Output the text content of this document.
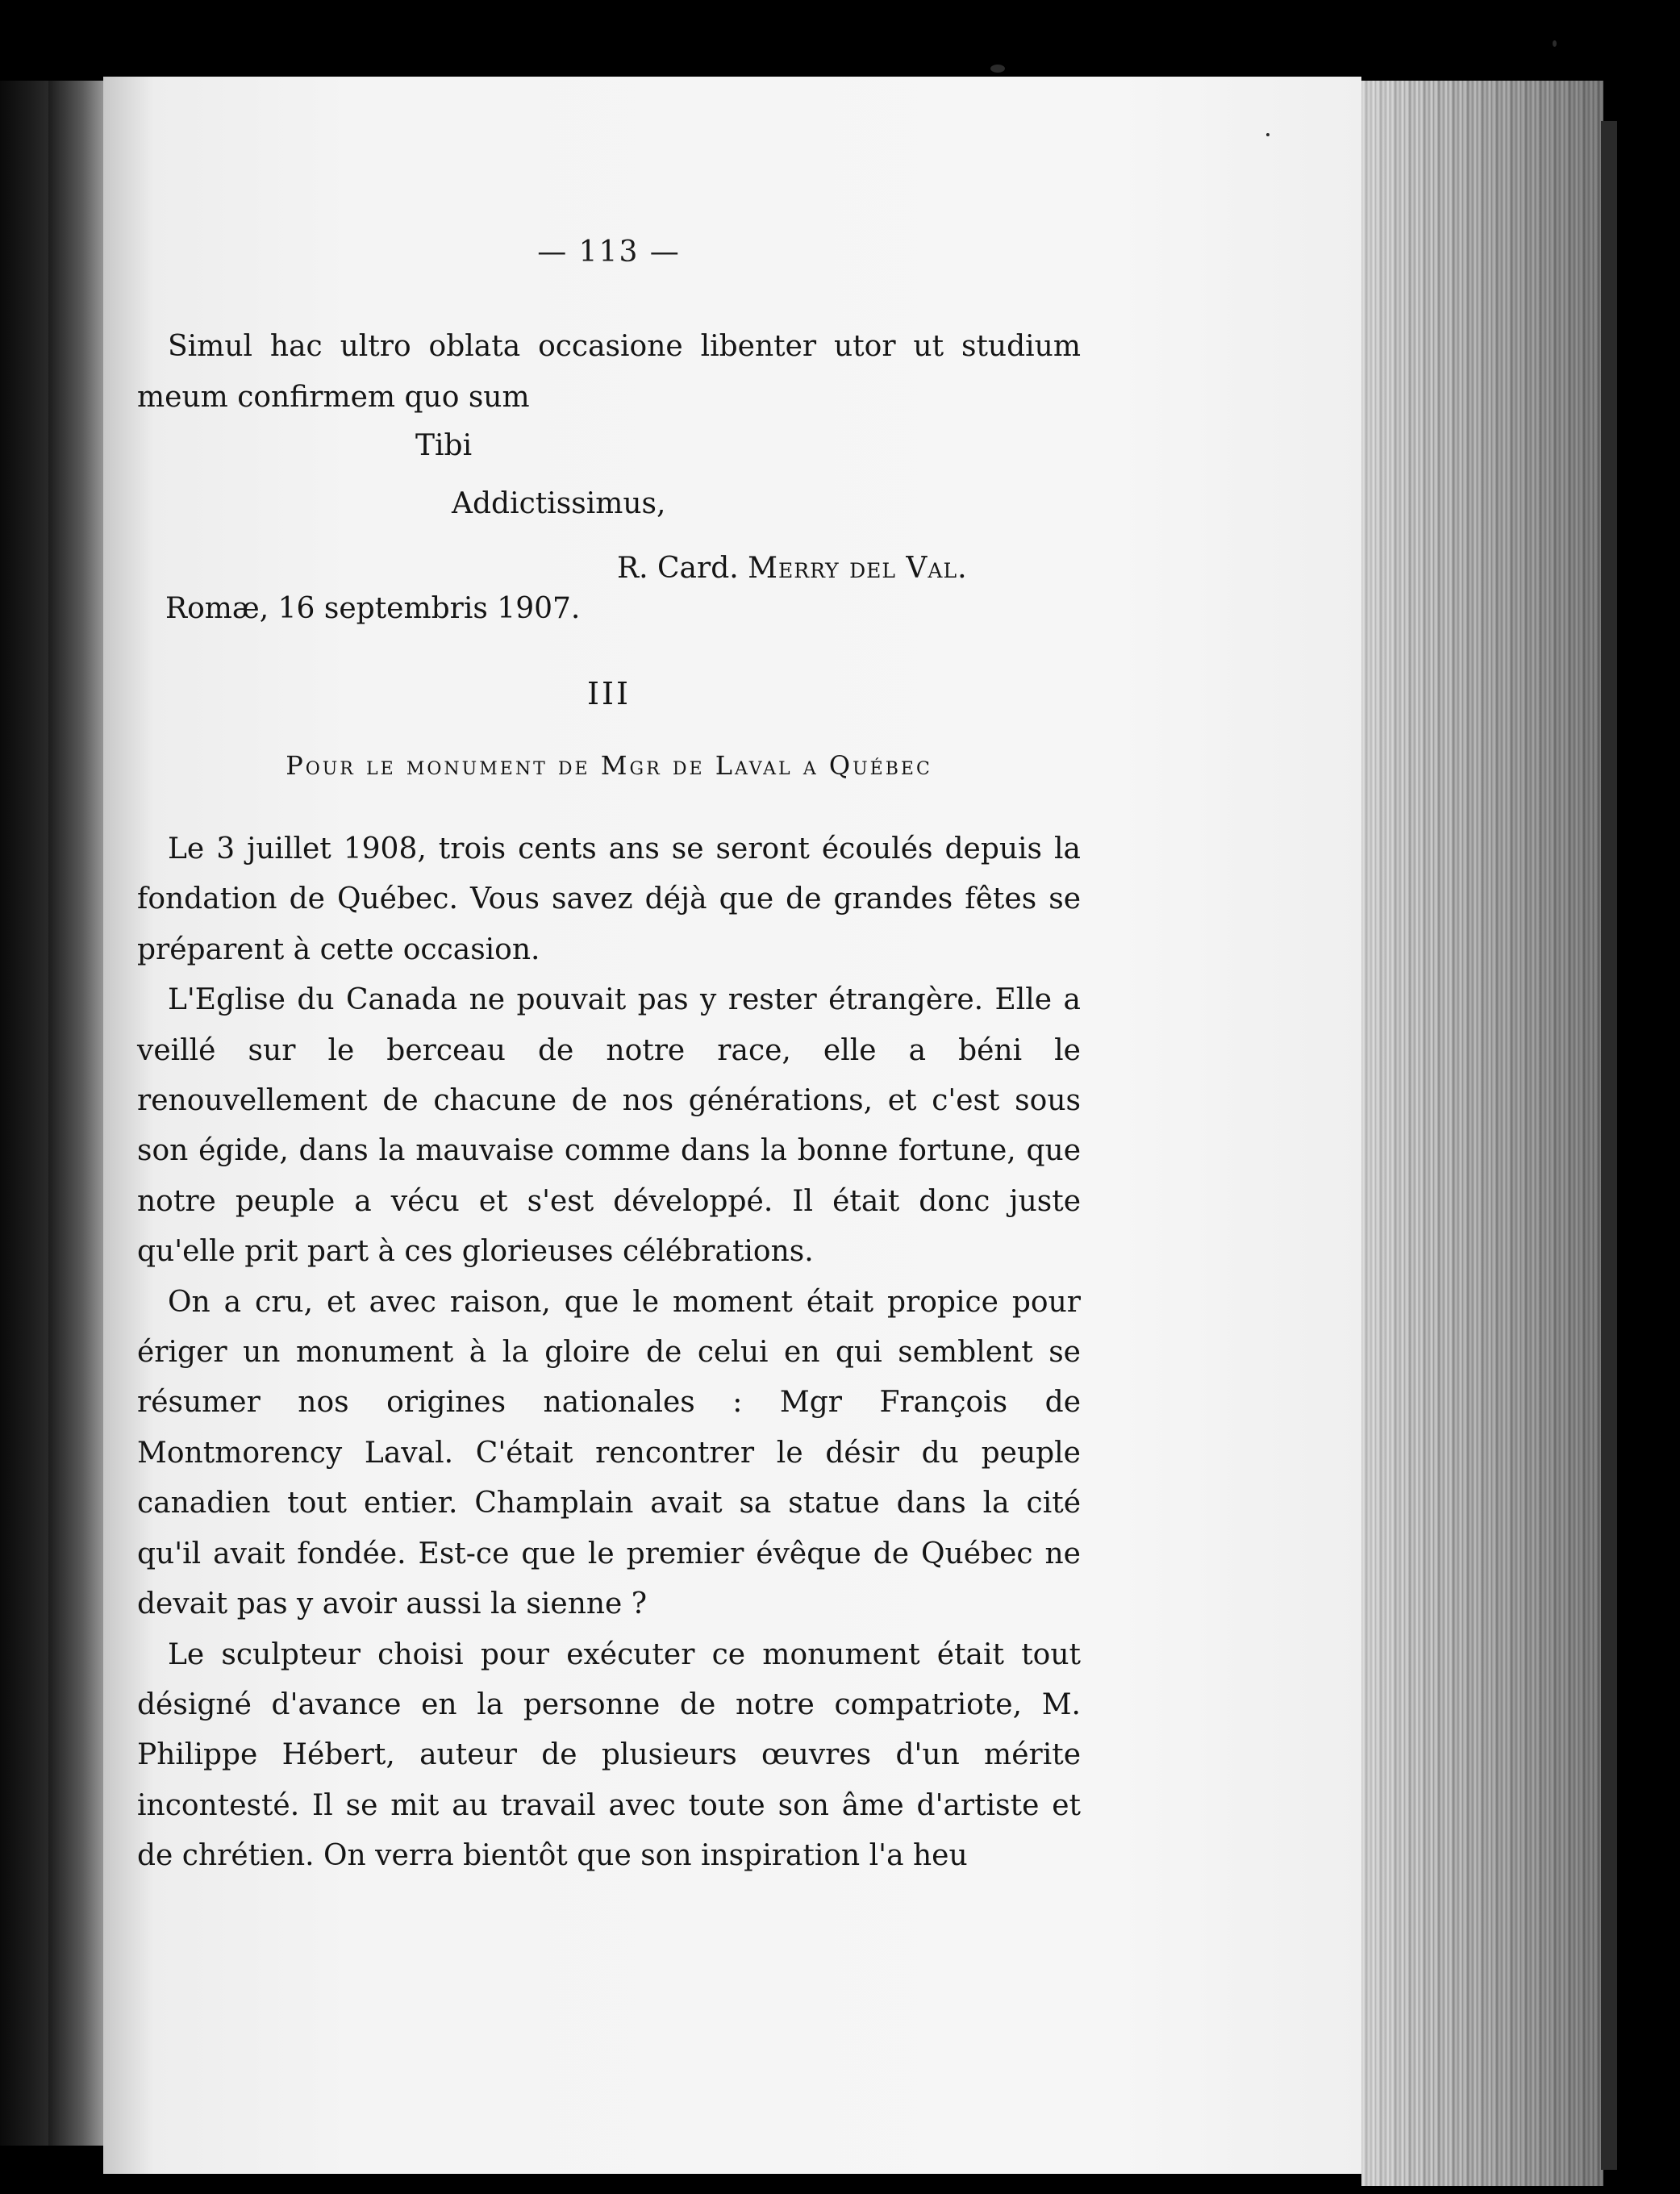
— 113 —

Simul hac ultro oblata occasione libenter utor ut studium meum confirmem quo sum

Tibi
Addictissimus,
R. Card. Merry del Val.
Romæ, 16 septembris 1907.
III
Pour le monument de Mgr de Laval a Québec

Le 3 juillet 1908, trois cents ans se seront écoulés depuis la fondation de Québec. Vous savez déjà que de grandes fêtes se préparent à cette occasion.

L'Eglise du Canada ne pouvait pas y rester étrangère. Elle a veillé sur le berceau de notre race, elle a béni le renouvellement de chacune de nos générations, et c'est sous son égide, dans la mauvaise comme dans la bonne fortune, que notre peuple a vécu et s'est développé. Il était donc juste qu'elle prit part à ces glorieuses célébrations.

On a cru, et avec raison, que le moment était propice pour ériger un monument à la gloire de celui en qui semblent se résumer nos origines nationales : Mgr François de Montmorency Laval. C'était rencontrer le désir du peuple canadien tout entier. Champlain avait sa statue dans la cité qu'il avait fondée. Est-ce que le premier évêque de Québec ne devait pas y avoir aussi la sienne ?

Le sculpteur choisi pour exécuter ce monument était tout désigné d'avance en la personne de notre compatriote, M. Philippe Hébert, auteur de plusieurs œuvres d'un mérite incontesté. Il se mit au travail avec toute son âme d'artiste et de chrétien. On verra bientôt que son inspiration l'a heu
